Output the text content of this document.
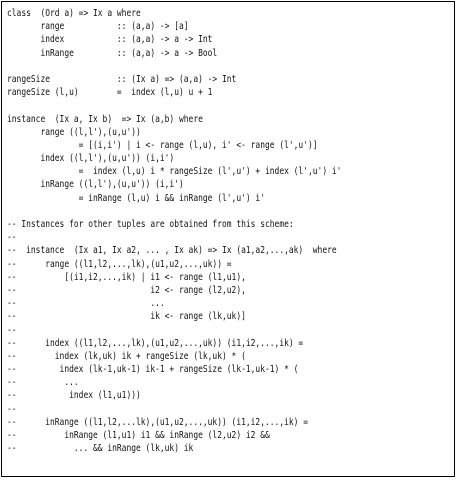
class  (Ord a) => Ix a where
range           :: (a,a) -> [a]
index           :: (a,a) -> a -> Int
inRange         :: (a,a) -> a -> Bool
rangeSize              :: (Ix a) => (a,a) -> Int
rangeSize (l,u)        =  index (l,u) u + 1
instance  (Ix a, Ix b)  => Ix (a,b) where
range ((l,l'),(u,u'))
= [(i,i') | i <- range (l,u), i' <- range (l',u')]
index ((l,l'),(u,u')) (i,i')
=  index (l,u) i * rangeSize (l',u') + index (l',u') i'
inRange ((l,l'),(u,u')) (i,i')
= inRange (l,u) i && inRange (l',u') i'
-- Instances for other tuples are obtained from this scheme:
--
--  instance  (Ix a1, Ix a2, ... , Ix ak) => Ix (a1,a2,...,ak)  where
--      range ((l1,l2,...,lk),(u1,u2,...,uk)) =
--          [(i1,i2,...,ik) | i1 <- range (l1,u1),
--                            i2 <- range (l2,u2),
--                            ...
--                            ik <- range (lk,uk)]
--
--      index ((l1,l2,...,lk),(u1,u2,...,uk)) (i1,i2,...,ik) =
--        index (lk,uk) ik + rangeSize (lk,uk) * (
--         index (lk-1,uk-1) ik-1 + rangeSize (lk-1,uk-1) * (
--          ...
--           index (l1,u1)))
--
--      inRange ((l1,l2,...lk),(u1,u2,...,uk)) (i1,i2,...,ik) =
--          inRange (l1,u1) i1 && inRange (l2,u2) i2 &&
--            ... && inRange (lk,uk) ik
